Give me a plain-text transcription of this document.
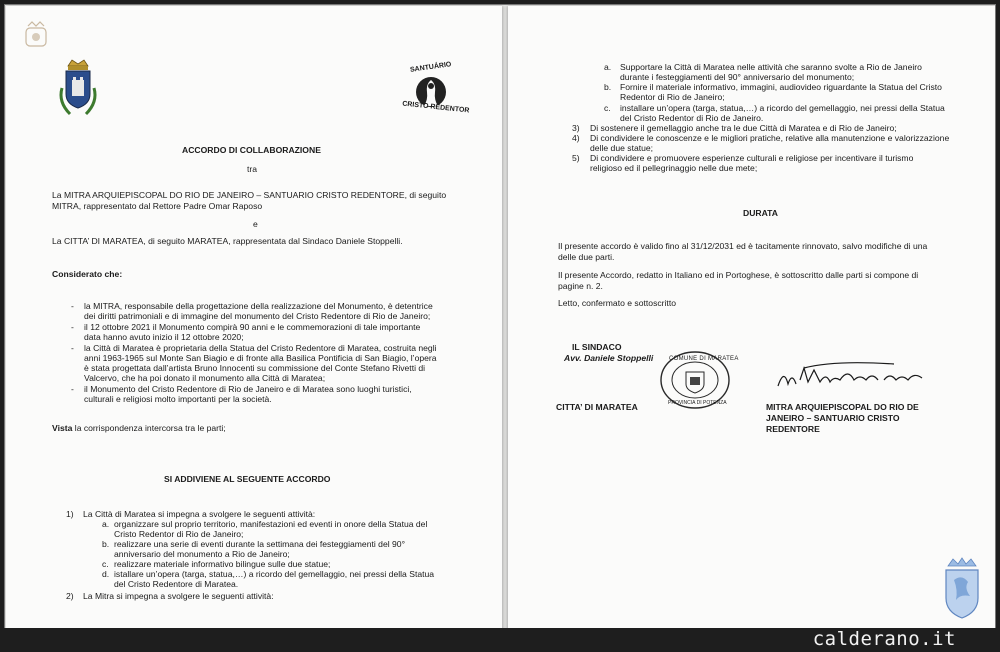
SANTUÁRIO
CRISTO REDENTOR
ACCORDO DI COLLABORAZIONE
tra
La MITRA ARQUIEPISCOPAL DO RIO DE JANEIRO – SANTUARIO CRISTO REDENTORE, di seguito
MITRA, rappresentato dal Rettore Padre Omar Raposo
e
La CITTA’ DI MARATEA, di seguito MARATEA, rappresentata dal Sindaco Daniele Stoppelli.
Considerato che:
- la MITRA, responsabile della progettazione della realizzazione del Monumento, è detentrice
dei diritti patrimoniali e di immagine del monumento del Cristo Redentore di Rio de Janeiro;
- il 12 ottobre 2021 il Monumento compirà 90 anni e le commemorazioni di tale importante
data hanno avuto inizio il 12 ottobre 2020;
- la Città di Maratea è proprietaria della Statua del Cristo Redentore di Maratea, costruita negli
anni 1963-1965 sul Monte San Biagio e di fronte alla Basilica Pontificia di San Biagio, l’opera
è stata progettata dall’artista Bruno Innocenti su commissione del Conte Stefano Rivetti di
Valcervo, che ha poi donato il monumento alla Città di Maratea;
- il Monumento del Cristo Redentore di Rio de Janeiro e di Maratea sono luoghi turistici,
culturali e religiosi molto importanti per la società.
Vista la corrispondenza intercorsa tra le parti;
SI ADDIVIENE AL SEGUENTE ACCORDO
1) La Città di Maratea si impegna a svolgere le seguenti attività:
a. organizzare sul proprio territorio, manifestazioni ed eventi in onore della Statua del
Cristo Redentor di Rio de Janeiro;
b. realizzare una serie di eventi durante la settimana dei festeggiamenti del 90°
anniversario del monumento a Rio de Janeiro;
c. realizzare materiale informativo bilingue sulle due statue;
d. istallare un’opera (targa, statua,…) a ricordo del gemellaggio, nei pressi della Statua
del Cristo Redentore di Maratea.
2) La Mitra si impegna a svolgere le seguenti attività:
a. Supportare la Città di Maratea nelle attività che saranno svolte a Rio de Janeiro
durante i festeggiamenti del 90° anniversario del monumento;
b. Fornire il materiale informativo, immagini, audiovideo riguardante la Statua del Cristo
Redentor di Rio de Janeiro;
c. installare un’opera (targa, statua,…) a ricordo del gemellaggio, nei pressi della Statua
del Cristo Redentor di Rio de Janeiro.
3) Di sostenere il gemellaggio anche tra le due Città di Maratea e di Rio de Janeiro;
4) Di condividere le conoscenze e le migliori pratiche, relative alla manutenzione e valorizzazione
delle due statue;
5) Di condividere e promuovere esperienze culturali e religiose per incentivare il turismo
religioso ed il pellegrinaggio nelle due mete;
DURATA
Il presente accordo è valido fino al 31/12/2031 ed è tacitamente rinnovato, salvo modifiche di una
delle due parti.
Il presente Accordo, redatto in Italiano ed in Portoghese, è sottoscritto dalle parti si compone di
pagine n. 2.
Letto, confermato e sottoscritto
IL SINDACO
Avv. Daniele Stoppelli	COMUNE DI MARATEA
PROVINCIA DI POTENZA
CITTA’ DI MARATEA	MITRA ARQUIEPISCOPAL DO RIO DE
JANEIRO – SANTUARIO CRISTO
REDENTORE
calderano.it
